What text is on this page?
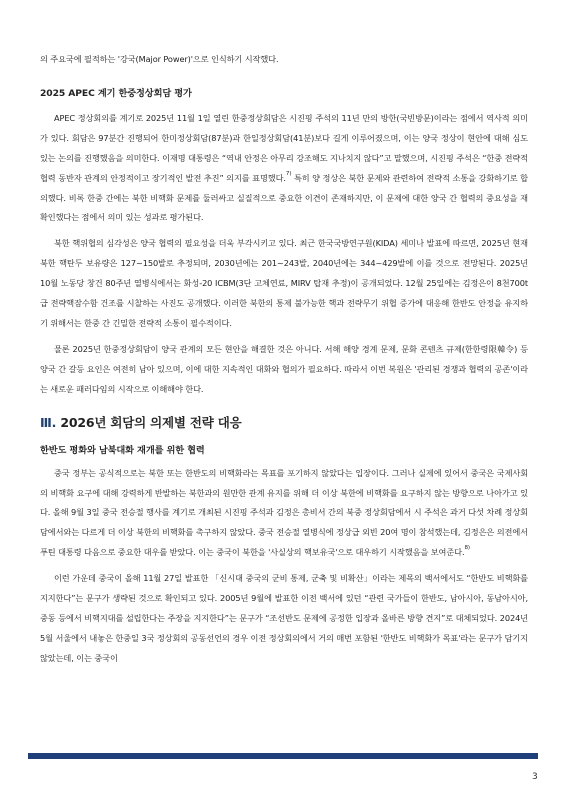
의 주요국에 필적하는 '강국(Major Power)'으로 인식하기 시작했다.

2025 APEC 계기 한중정상회담 평가

APEC 정상회의를 계기로 2025년 11월 1일 열린 한중정상회담은 시진핑 주석의 11년 만의 방한(국빈방문)이라는 점에서 역사적 의미가 있다. 회담은 97분간 진행되어 한미정상회담(87분)과 한일정상회담(41분)보다 길게 이루어졌으며, 이는 양국 정상이 현안에 대해 심도 있는 논의를 진행했음을 의미한다. 이재명 대통령은 “역내 안정은 아무리 강조해도 지나치지 않다”고 말했으며, 시진핑 주석은 “한중 전략적 협력 동반자 관계의 안정적이고 장기적인 발전 추진” 의지를 표명했다.$^{7)}$ 특히 양 정상은 북한 문제와 관련하여 전략적 소통을 강화하기로 합의했다. 비록 한중 간에는 북한 비핵화 문제를 둘러싸고 실질적으로 중요한 이견이 존재하지만, 이 문제에 대한 양국 간 협력의 중요성을 재확인했다는 점에서 의미 있는 성과로 평가된다.

북한 핵위협의 심각성은 양국 협력의 필요성을 더욱 부각시키고 있다. 최근 한국국방연구원(KIDA) 세미나 발표에 따르면, 2025년 현재 북한 핵탄두 보유량은 127~150발로 추정되며, 2030년에는 201~243발, 2040년에는 344~429발에 이를 것으로 전망된다. 2025년 10월 노동당 창건 80주년 열병식에서는 화성-20 ICBM(3단 고체연료, MIRV 탑재 추정)이 공개되었다. 12월 25일에는 김정은이 8천700t급 전략핵잠수함 건조를 시찰하는 사진도 공개했다. 이러한 북한의 통제 불가능한 핵과 전략무기 위협 증가에 대응해 한반도 안정을 유지하기 위해서는 한중 간 긴밀한 전략적 소통이 필수적이다.

물론 2025년 한중정상회담이 양국 관계의 모든 현안을 해결한 것은 아니다. 서해 해양 경계 문제, 문화 콘텐츠 규제(한한령限韓令) 등 양국 간 갈등 요인은 여전히 남아 있으며, 이에 대한 지속적인 대화와 협의가 필요하다. 따라서 이번 복원은 '관리된 경쟁과 협력의 공존'이라는 새로운 패러다임의 시작으로 이해해야 한다.

Ⅲ. 2026년 회담의 의제별 전략 대응
한반도 평화와 남북대화 재개를 위한 협력

중국 정부는 공식적으로는 북한 또는 한반도의 비핵화라는 목표를 포기하지 않았다는 입장이다. 그러나 실제에 있어서 중국은 국제사회의 비핵화 요구에 대해 강력하게 반발하는 북한과의 원만한 관계 유지를 위해 더 이상 북한에 비핵화를 요구하지 않는 방향으로 나아가고 있다. 올해 9월 3일 중국 전승절 행사를 계기로 개최된 시진핑 주석과 김정은 총비서 간의 북중 정상회담에서 시 주석은 과거 다섯 차례 정상회담에서와는 다르게 더 이상 북한의 비핵화를 촉구하지 않았다. 중국 전승절 열병식에 정상급 외빈 20여 명이 참석했는데, 김정은은 의전에서 푸틴 대통령 다음으로 중요한 대우를 받았다. 이는 중국이 북한을 '사실상의 핵보유국'으로 대우하기 시작했음을 보여준다.$^{8)}$

이런 가운데 중국이 올해 11월 27일 발표한 「신시대 중국의 군비 통제, 군축 및 비확산」이라는 제목의 백서에서도 “한반도 비핵화를 지지한다”는 문구가 생략된 것으로 확인되고 있다. 2005년 9월에 발표한 이전 백서에 있던 “관련 국가들이 한반도, 남아시아, 동남아시아, 중동 등에서 비핵지대를 설립한다는 주장을 지지한다”는 문구가 “조선반도 문제에 공정한 입장과 올바른 방향 견지”로 대체되었다. 2024년 5월 서울에서 내놓은 한중일 3국 정상회의 공동선언의 경우 이전 정상회의에서 거의 매번 포함된 '한반도 비핵화가 목표'라는 문구가 담기지 않았는데, 이는 중국이

3
